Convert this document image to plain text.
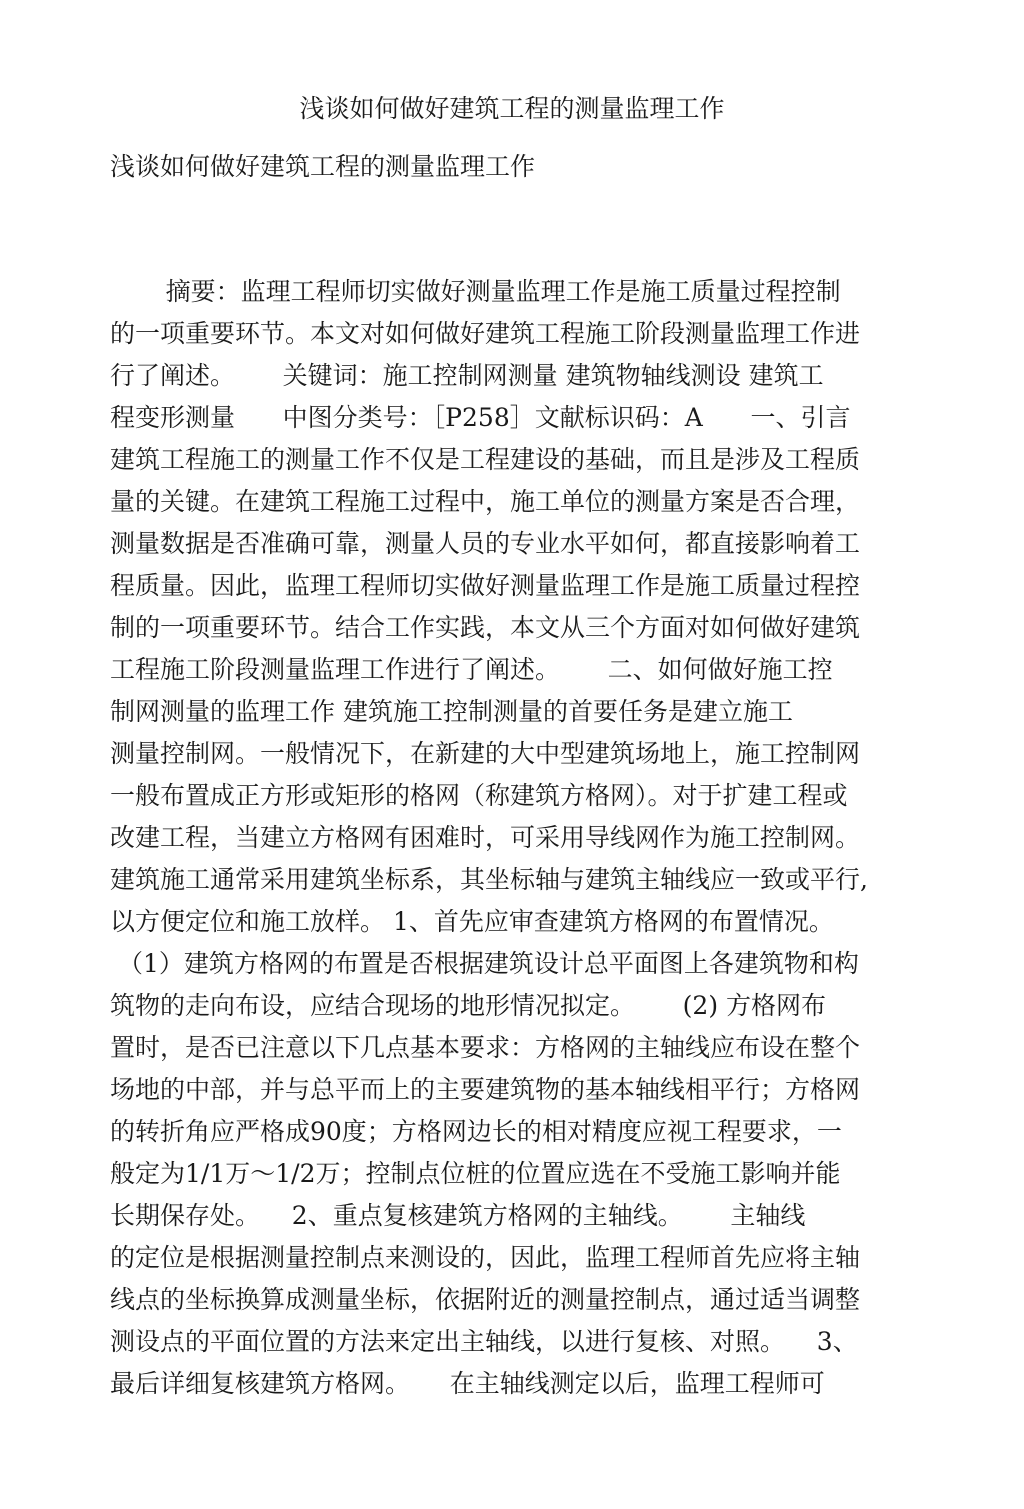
浅谈如何做好建筑工程的测量监理工作
浅谈如何做好建筑工程的测量监理工作
摘要：监理工程师切实做好测量监理工作是施工质量过程控制
的一项重要环节。本文对如何做好建筑工程施工阶段测量监理工作进
行了阐述。      关键词：施工控制网测量 建筑物轴线测设 建筑工
程变形测量      中图分类号：［P258］文献标识码：A      一、引言
建筑工程施工的测量工作不仅是工程建设的基础，而且是涉及工程质
量的关键。在建筑工程施工过程中，施工单位的测量方案是否合理，
测量数据是否准确可靠，测量人员的专业水平如何，都直接影响着工
程质量。因此，监理工程师切实做好测量监理工作是施工质量过程控
制的一项重要环节。结合工作实践，本文从三个方面对如何做好建筑
工程施工阶段测量监理工作进行了阐述。      二、如何做好施工控
制网测量的监理工作 建筑施工控制测量的首要任务是建立施工
测量控制网。一般情况下，在新建的大中型建筑场地上，施工控制网
一般布置成正方形或矩形的格网（称建筑方格网）。对于扩建工程或
改建工程，当建立方格网有困难时，可采用导线网作为施工控制网。
建筑施工通常采用建筑坐标系，其坐标轴与建筑主轴线应一致或平行,
以方便定位和施工放样。 1、首先应审查建筑方格网的布置情况。
（1）建筑方格网的布置是否根据建筑设计总平面图上各建筑物和构
筑物的走向布设，应结合现场的地形情况拟定。      (2) 方格网布
置时，是否已注意以下几点基本要求：方格网的主轴线应布设在整个
场地的中部，并与总平而上的主要建筑物的基本轴线相平行；方格网
的转折角应严格成90度；方格网边长的相对精度应视工程要求，一
般定为1/1万～1/2万；控制点位桩的位置应选在不受施工影响并能
长期保存处。    2、重点复核建筑方格网的主轴线。      主轴线
的定位是根据测量控制点来测设的，因此，监理工程师首先应将主轴
线点的坐标换算成测量坐标，依据附近的测量控制点，通过适当调整
测设点的平面位置的方法来定出主轴线，以进行复核、对照。    3、
最后详细复核建筑方格网。     在主轴线测定以后，监理工程师可
